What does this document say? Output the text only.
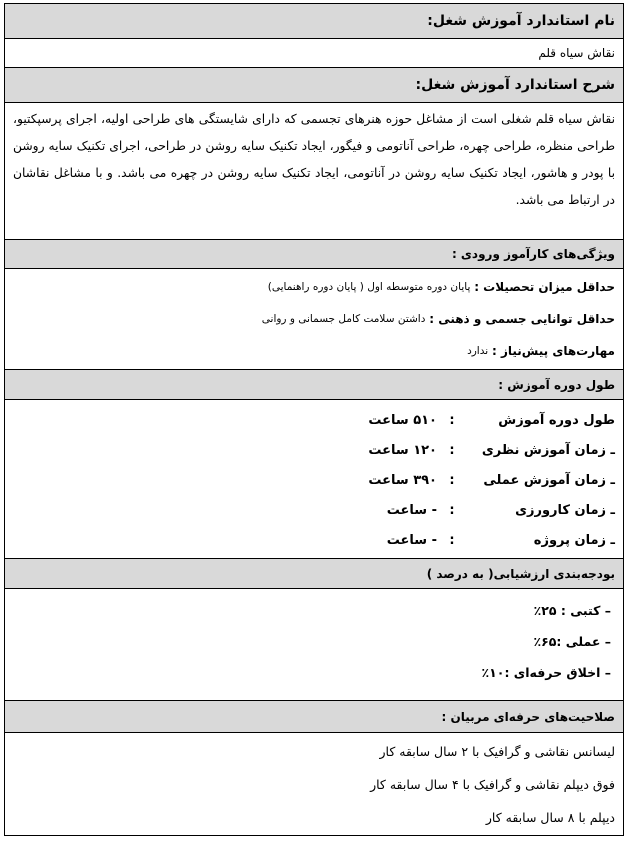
نام استاندارد آموزش شغل:
نقاش سیاه قلم
شرح استاندارد آموزش شغل:
نقاش سیاه قلم شغلی است از مشاغل حوزه هنرهای تجسمی که دارای شایستگی های طراحی اولیه، اجرای پرسپکتیو، طراحی منظره، طراحی چهره، طراحی آناتومی و فیگور، ایجاد تکنیک سایه روشن در طراحی، اجرای تکنیک سایه روشن با پودر و هاشور، ایجاد تکنیک سایه روشن در آناتومی، ایجاد تکنیک سایه روشن در چهره می باشد. و با مشاغل نقاشان در ارتباط می باشد.
ویژگی‌های کارآموز ورودی :
حداقل میزان تحصیلات :

پایان دوره متوسطه اول ( پایان دوره راهنمایی)
حداقل توانایی جسمی و ذهنی :

داشتن سلامت کامل جسمانی و روانی
مهارت‌های پیش‌نیاز :

ندارد
طول دوره آموزش :
طول دوره آموزش
:
۵۱۰ ساعت
ـ زمان آموزش نظری
:
۱۲۰ ساعت
ـ زمان آموزش عملی
:
۳۹۰ ساعت
ـ زمان کارورزی
:
- ساعت
ـ زمان پروژه
:
- ساعت
بودجه‌بندی ارزشیابی( به درصد )
– کتبی : ۲۵٪
– عملی :۶۵٪
– اخلاق حرفه‌ای :۱۰٪
صلاحیت‌های حرفه‌ای مربیان :
لیسانس نقاشی و گرافیک با ۲ سال سابقه کار
فوق دیپلم نقاشی و گرافیک با ۴ سال سابقه کار
دیپلم با ۸ سال سابقه کار
